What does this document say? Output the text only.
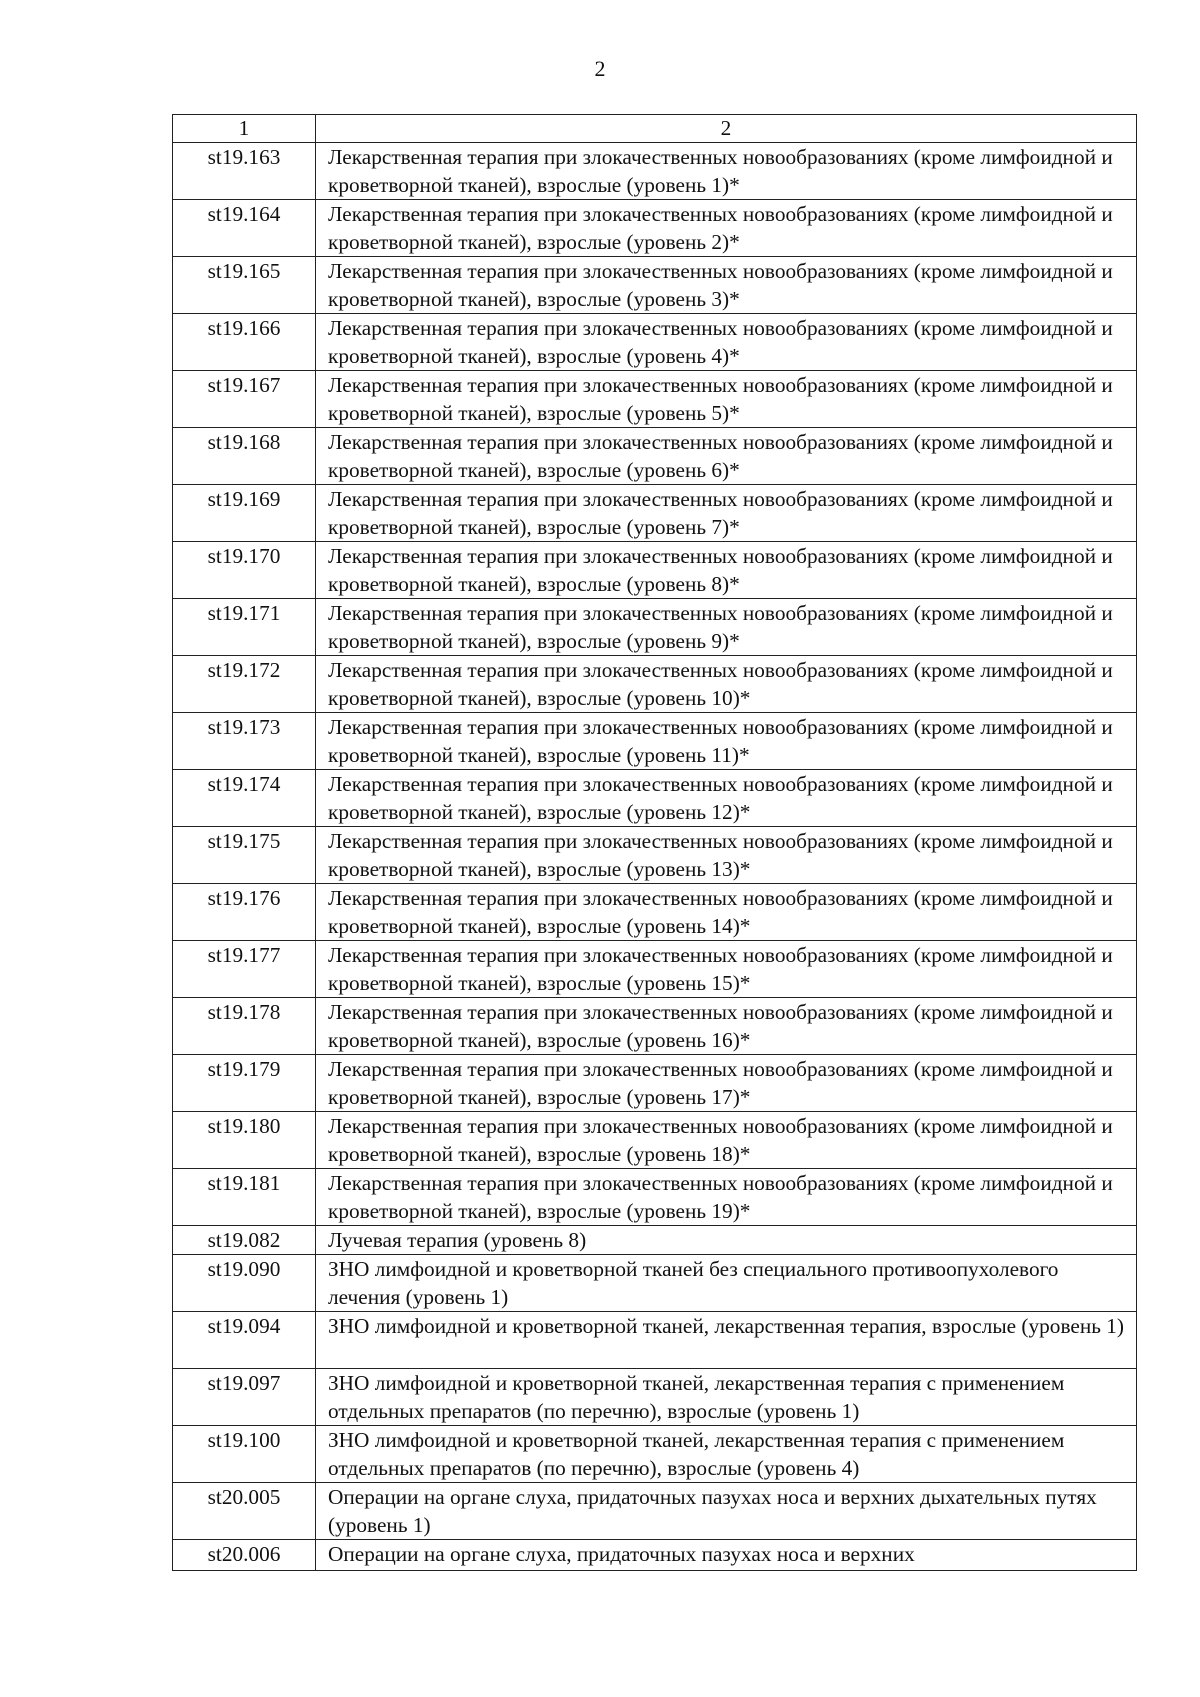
2
1	2
st19.163	Лекарственная терапия при злокачественных новообразованиях (кроме лимфоидной и кроветворной тканей), взрослые (уровень 1)*
st19.164	Лекарственная терапия при злокачественных новообразованиях (кроме лимфоидной и кроветворной тканей), взрослые (уровень 2)*
st19.165	Лекарственная терапия при злокачественных новообразованиях (кроме лимфоидной и кроветворной тканей), взрослые (уровень 3)*
st19.166	Лекарственная терапия при злокачественных новообразованиях (кроме лимфоидной и кроветворной тканей), взрослые (уровень 4)*
st19.167	Лекарственная терапия при злокачественных новообразованиях (кроме лимфоидной и кроветворной тканей), взрослые (уровень 5)*
st19.168	Лекарственная терапия при злокачественных новообразованиях (кроме лимфоидной и кроветворной тканей), взрослые (уровень 6)*
st19.169	Лекарственная терапия при злокачественных новообразованиях (кроме лимфоидной и кроветворной тканей), взрослые (уровень 7)*
st19.170	Лекарственная терапия при злокачественных новообразованиях (кроме лимфоидной и кроветворной тканей), взрослые (уровень 8)*
st19.171	Лекарственная терапия при злокачественных новообразованиях (кроме лимфоидной и кроветворной тканей), взрослые (уровень 9)*
st19.172	Лекарственная терапия при злокачественных новообразованиях (кроме лимфоидной и кроветворной тканей), взрослые (уровень 10)*
st19.173	Лекарственная терапия при злокачественных новообразованиях (кроме лимфоидной и кроветворной тканей), взрослые (уровень 11)*
st19.174	Лекарственная терапия при злокачественных новообразованиях (кроме лимфоидной и кроветворной тканей), взрослые (уровень 12)*
st19.175	Лекарственная терапия при злокачественных новообразованиях (кроме лимфоидной и кроветворной тканей), взрослые (уровень 13)*
st19.176	Лекарственная терапия при злокачественных новообразованиях (кроме лимфоидной и кроветворной тканей), взрослые (уровень 14)*
st19.177	Лекарственная терапия при злокачественных новообразованиях (кроме лимфоидной и кроветворной тканей), взрослые (уровень 15)*
st19.178	Лекарственная терапия при злокачественных новообразованиях (кроме лимфоидной и кроветворной тканей), взрослые (уровень 16)*
st19.179	Лекарственная терапия при злокачественных новообразованиях (кроме лимфоидной и кроветворной тканей), взрослые (уровень 17)*
st19.180	Лекарственная терапия при злокачественных новообразованиях (кроме лимфоидной и кроветворной тканей), взрослые (уровень 18)*
st19.181	Лекарственная терапия при злокачественных новообразованиях (кроме лимфоидной и кроветворной тканей), взрослые (уровень 19)*
st19.082	Лучевая терапия (уровень 8)
st19.090	ЗНО лимфоидной и кроветворной тканей без специального противоопухолевого лечения (уровень 1)
st19.094	ЗНО лимфоидной и кроветворной тканей, лекарственная терапия, взрослые (уровень 1)
st19.097	ЗНО лимфоидной и кроветворной тканей, лекарственная терапия с применением отдельных препаратов (по перечню), взрослые (уровень 1)
st19.100	ЗНО лимфоидной и кроветворной тканей, лекарственная терапия с применением отдельных препаратов (по перечню), взрослые (уровень 4)
st20.005	Операции на органе слуха, придаточных пазухах носа и верхних дыхательных путях (уровень 1)
st20.006	Операции на органе слуха, придаточных пазухах носа и верхних
